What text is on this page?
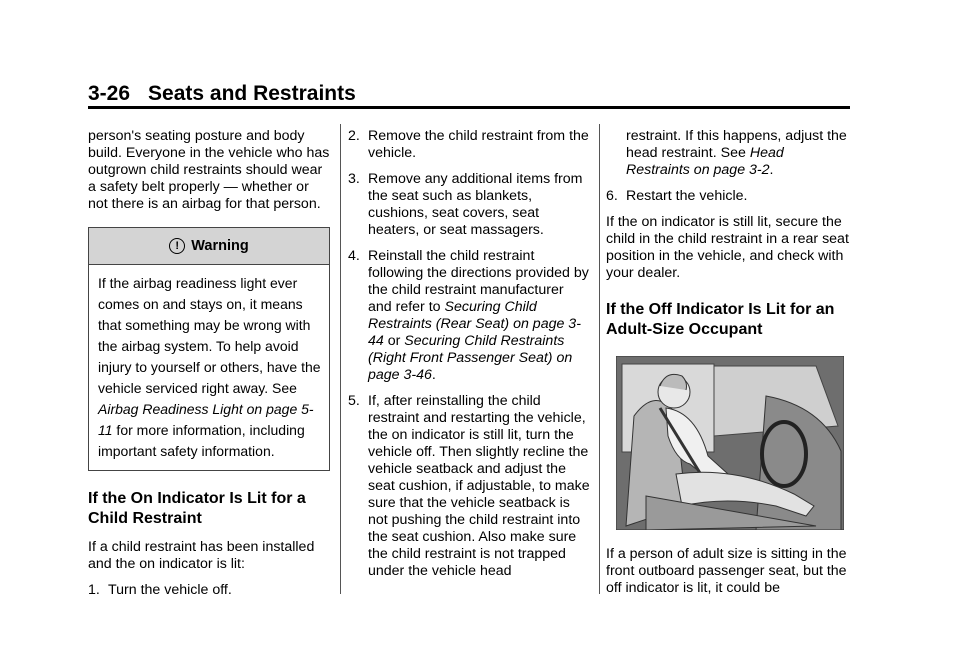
3-26 Seats and Restraints

person's seating posture and body build. Everyone in the vehicle who has outgrown child restraints should wear a safety belt properly — whether or not there is an airbag for that person.

! Warning
If the airbag readiness light ever comes on and stays on, it means that something may be wrong with the airbag system. To help avoid injury to yourself or others, have the vehicle serviced right away. See Airbag Readiness Light on page 5-11 for more information, including important safety information.
If the On Indicator Is Lit for a Child Restraint

If a child restraint has been installed and the on indicator is lit:

1. Turn the vehicle off.
2. Remove the child restraint from the vehicle.
3. Remove any additional items from the seat such as blankets, cushions, seat covers, seat heaters, or seat massagers.
4. Reinstall the child restraint following the directions provided by the child restraint manufacturer and refer to Securing Child Restraints (Rear Seat) on page 3-44 or Securing Child Restraints (Right Front Passenger Seat) on page 3-46.
5. If, after reinstalling the child restraint and restarting the vehicle, the on indicator is still lit, turn the vehicle off. Then slightly recline the vehicle seatback and adjust the seat cushion, if adjustable, to make sure that the vehicle seatback is not pushing the child restraint into the seat cushion. Also make sure the child restraint is not trapped under the vehicle head
restraint. If this happens, adjust the head restraint. See Head Restraints on page 3-2.
6. Restart the vehicle.

If the on indicator is still lit, secure the child in the child restraint in a rear seat position in the vehicle, and check with your dealer.

If the Off Indicator Is Lit for an Adult-Size Occupant

If a person of adult size is sitting in the front outboard passenger seat, but the off indicator is lit, it could be
